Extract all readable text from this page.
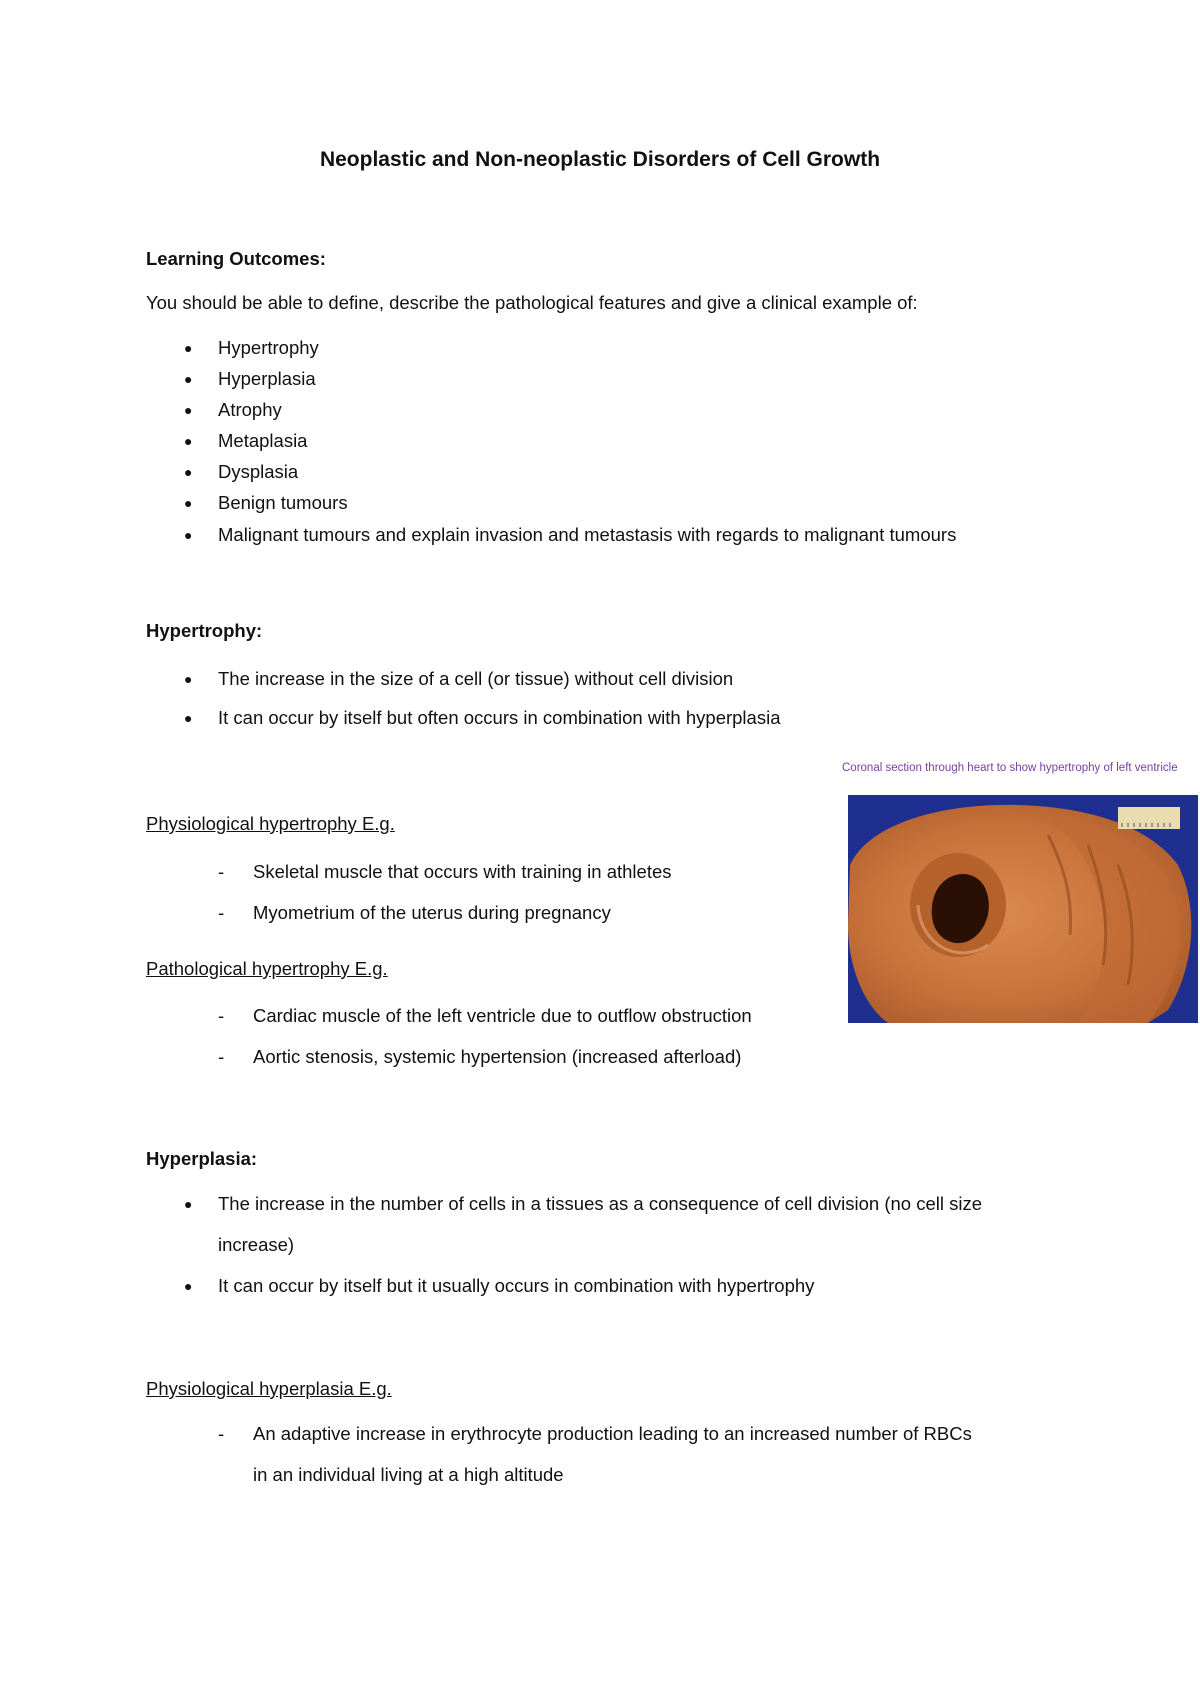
Neoplastic and Non-neoplastic Disorders of Cell Growth
Learning Outcomes:
You should be able to define, describe the pathological features and give a clinical example of:
● Hypertrophy
● Hyperplasia
● Atrophy
● Metaplasia
● Dysplasia
● Benign tumours
● Malignant tumours and explain invasion and metastasis with regards to malignant tumours
Hypertrophy:
● The increase in the size of a cell (or tissue) without cell division
● It can occur by itself but often occurs in combination with hyperplasia
Coronal section through heart to show hypertrophy of left ventricle
Physiological hypertrophy E.g.
- Skeletal muscle that occurs with training in athletes
- Myometrium of the uterus during pregnancy
Pathological hypertrophy E.g.
- Cardiac muscle of the left ventricle due to outflow obstruction
- Aortic stenosis, systemic hypertension (increased afterload)
Hyperplasia:
● The increase in the number of cells in a tissues as a consequence of cell division (no cell size
increase)
● It can occur by itself but it usually occurs in combination with hypertrophy
Physiological hyperplasia E.g.
- An adaptive increase in erythrocyte production leading to an increased number of RBCs
in an individual living at a high altitude
